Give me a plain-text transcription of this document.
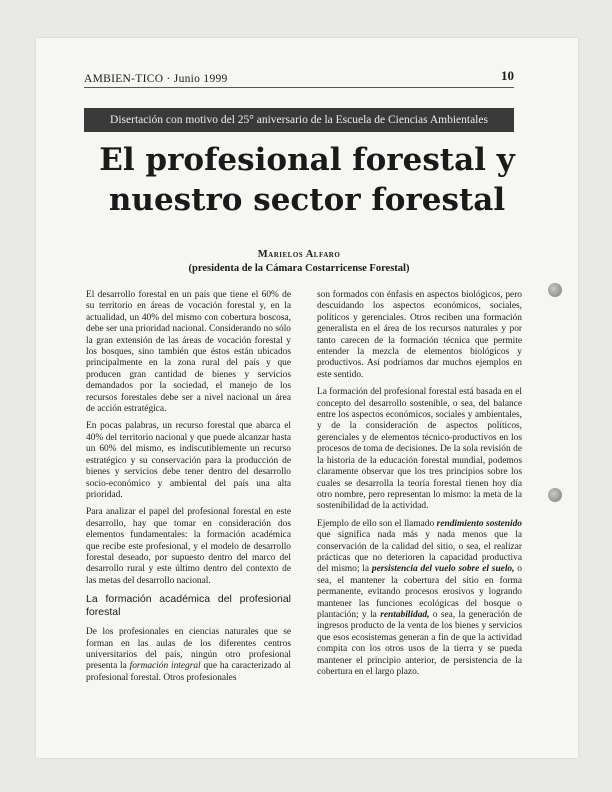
AMBIEN-TICO · Junio 1999	10
Disertación con motivo del 25° aniversario de la Escuela de Ciencias Ambientales
El profesional forestal y
nuestro sector forestal
Marielos Alfaro
(presidenta de la Cámara Costarricense Forestal)

El desarrollo forestal en un país que tiene el 60% de su territorio en áreas de vocación forestal y, en la actualidad, un 40% del mismo con cobertura boscosa, debe ser una prioridad nacional. Considerando no sólo la gran extensión de las áreas de vocación forestal y los bosques, sino también que éstos están ubicados principalmente en la zona rural del país y que producen gran cantidad de bienes y servicios demandados por la sociedad, el manejo de los recursos forestales debe ser a nivel nacional un área de acción estratégica.

En pocas palabras, un recurso forestal que abarca el 40% del territorio nacional y que puede alcanzar hasta un 60% del mismo, es indiscutiblemente un recurso estratégico y su conservación para la producción de bienes y servicios debe tener dentro del desarrollo socio-económico y ambiental del país una alta prioridad.

Para analizar el papel del profesional forestal en este desarrollo, hay que tomar en consideración dos elementos fundamentales: la formación académica que recibe este profesional, y el modelo de desarrollo forestal deseado, por supuesto dentro del marco del desarrollo rural y este último dentro del contexto de las metas del desarrollo nacional.

La formación académica del profesional forestal

De los profesionales en ciencias naturales que se forman en las aulas de los diferentes centros universitarios del país, ningún otro profesional presenta la formación integral que ha caracterizado al profesional forestal. Otros profesionales

son formados con énfasis en aspectos biológicos, pero descuidando los aspectos económicos, sociales, políticos y gerenciales. Otros reciben una formación generalista en el área de los recursos naturales y por tanto carecen de la formación técnica que permite entender la mezcla de elementos biológicos y productivos. Así podríamos dar muchos ejemplos en este sentido.

La formación del profesional forestal está basada en el concepto del desarrollo sostenible, o sea, del balance entre los aspectos económicos, sociales y ambientales, y de la consideración de aspectos políticos, gerenciales y de elementos técnico-productivos en los procesos de toma de decisiones. De la sola revisión de la historia de la educación forestal mundial, podemos claramente observar que los tres principios sobre los cuales se desarrolla la teoría forestal tienen hoy día otro nombre, pero representan lo mismo: la meta de la sostenibilidad de la actividad.

Ejemplo de ello son el llamado rendimiento sostenido que significa nada más y nada menos que la conservación de la calidad del sitio, o sea, el realizar prácticas que no deterioren la capacidad productiva del mismo; la persistencia del vuelo sobre el suelo, o sea, el mantener la cobertura del sitio en forma permanente, evitando procesos erosivos y logrando mantener las funciones ecológicas del bosque o plantación; y la rentabilidad, o sea, la generación de ingresos producto de la venta de los bienes y servicios que esos ecosistemas generan a fin de que la actividad compita con los otros usos de la tierra y se pueda mantener el principio anterior, de persistencia de la cobertura en el largo plazo.
